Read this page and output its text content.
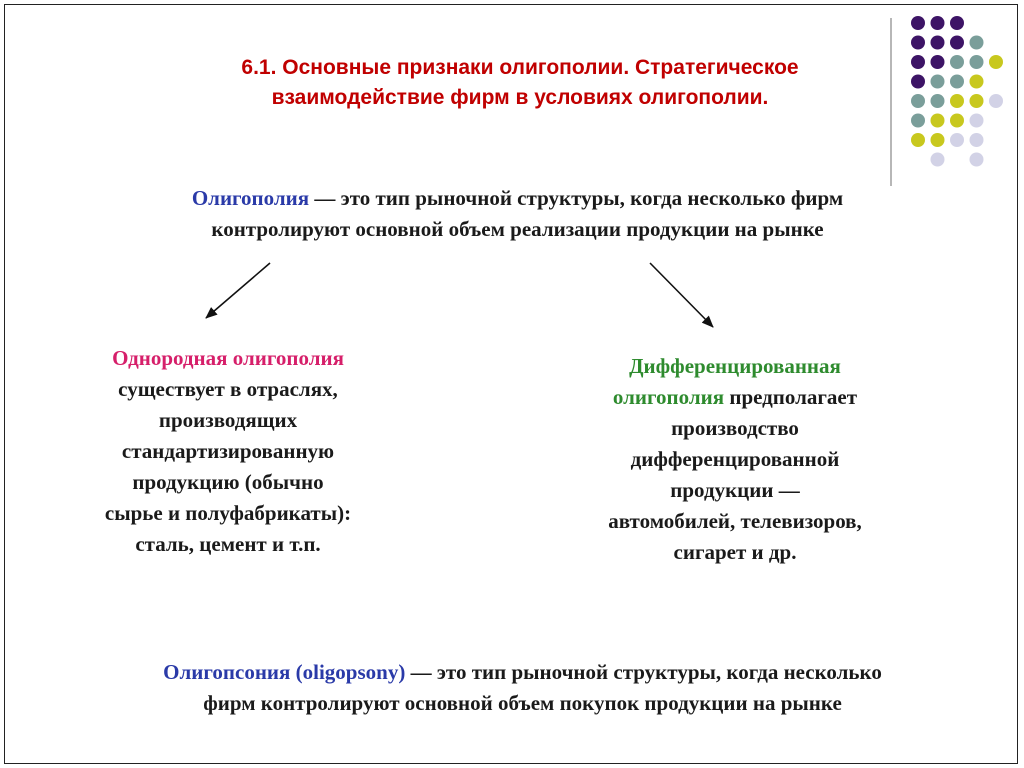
6.1. Основные признаки олигополии. Стратегическое
взаимодействие фирм в условиях олигополии.
Олигополия — это тип рыночной структуры, когда несколько фирм
контролируют основной объем реализации продукции на рынке
Однородная олигополия
существует в отраслях,
производящих
стандартизированную
продукцию (обычно
сырье и полуфабрикаты):
сталь, цемент и т.п.
Дифференцированная
олигополия предполагает
производство
дифференцированной
продукции —
автомобилей, телевизоров,
сигарет и др.
Олигопсония (oligopsony) — это тип рыночной структуры, когда несколько
фирм контролируют основной объем покупок продукции на рынке
